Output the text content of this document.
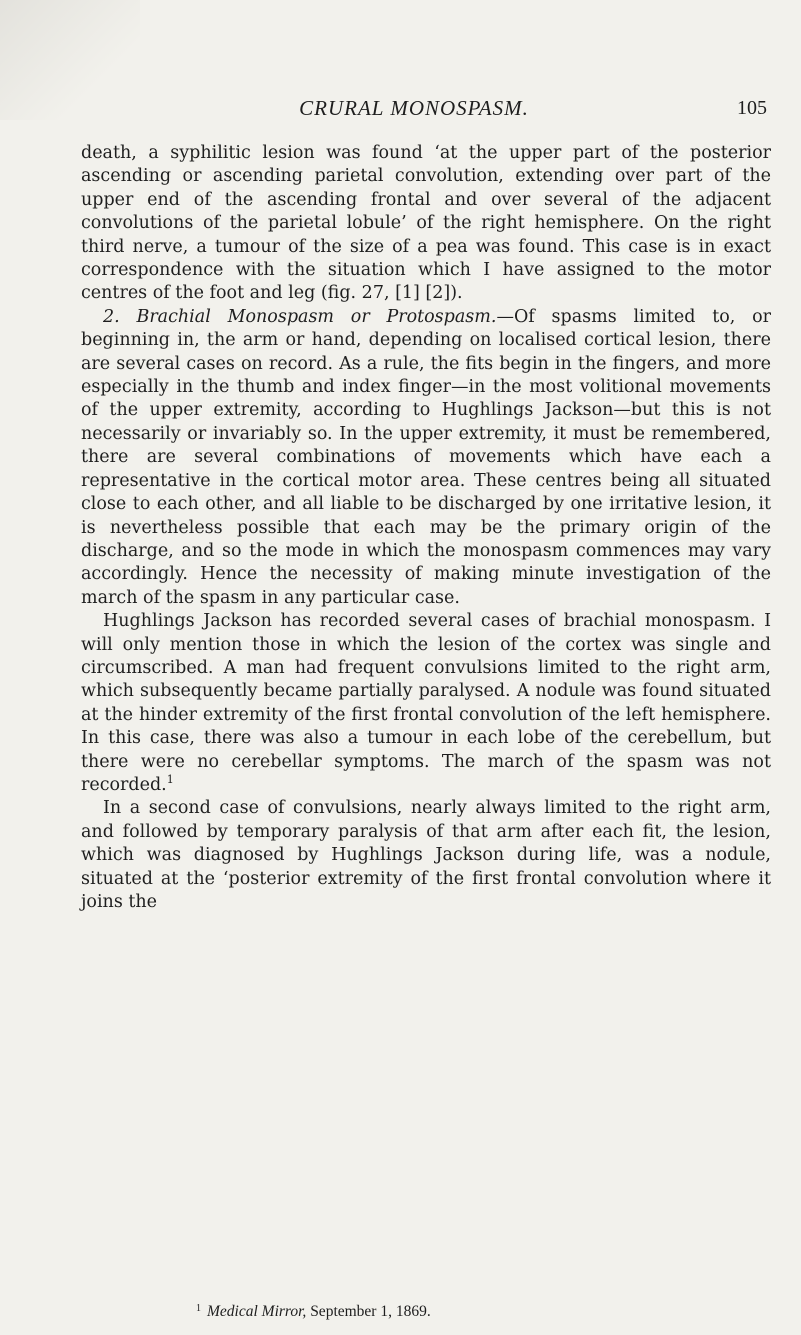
CRURAL MONOSPASM.	105

death, a syphilitic lesion was found ‘at the upper part of the posterior ascending or ascending parietal convolution, extending over part of the upper end of the ascending frontal and over several of the adjacent convolutions of the parietal lobule’ of the right hemisphere. On the right third nerve, a tumour of the size of a pea was found. This case is in exact correspondence with the situation which I have assigned to the motor centres of the foot and leg (fig. 27, [1] [2]).

2. Brachial Monospasm or Protospasm.—Of spasms limited to, or beginning in, the arm or hand, depending on localised cortical lesion, there are several cases on record. As a rule, the fits begin in the fingers, and more especially in the thumb and index finger—in the most volitional movements of the upper extremity, according to Hughlings Jackson—but this is not necessarily or invariably so. In the upper extremity, it must be remembered, there are several combinations of movements which have each a representative in the cortical motor area. These centres being all situated close to each other, and all liable to be discharged by one irritative lesion, it is nevertheless possible that each may be the primary origin of the discharge, and so the mode in which the monospasm commences may vary accordingly. Hence the necessity of making minute investigation of the march of the spasm in any particular case.

Hughlings Jackson has recorded several cases of brachial monospasm. I will only mention those in which the lesion of the cortex was single and circumscribed. A man had frequent convulsions limited to the right arm, which subsequently became partially paralysed. A nodule was found situated at the hinder extremity of the first frontal convolution of the left hemisphere. In this case, there was also a tumour in each lobe of the cerebellum, but there were no cerebellar symptoms. The march of the spasm was not recorded.$^1$

In a second case of convulsions, nearly always limited to the right arm, and followed by temporary paralysis of that arm after each fit, the lesion, which was diagnosed by Hughlings Jackson during life, was a nodule, situated at the ‘posterior extremity of the first frontal convolution where it joins the

$^1$ Medical Mirror, September 1, 1869.
